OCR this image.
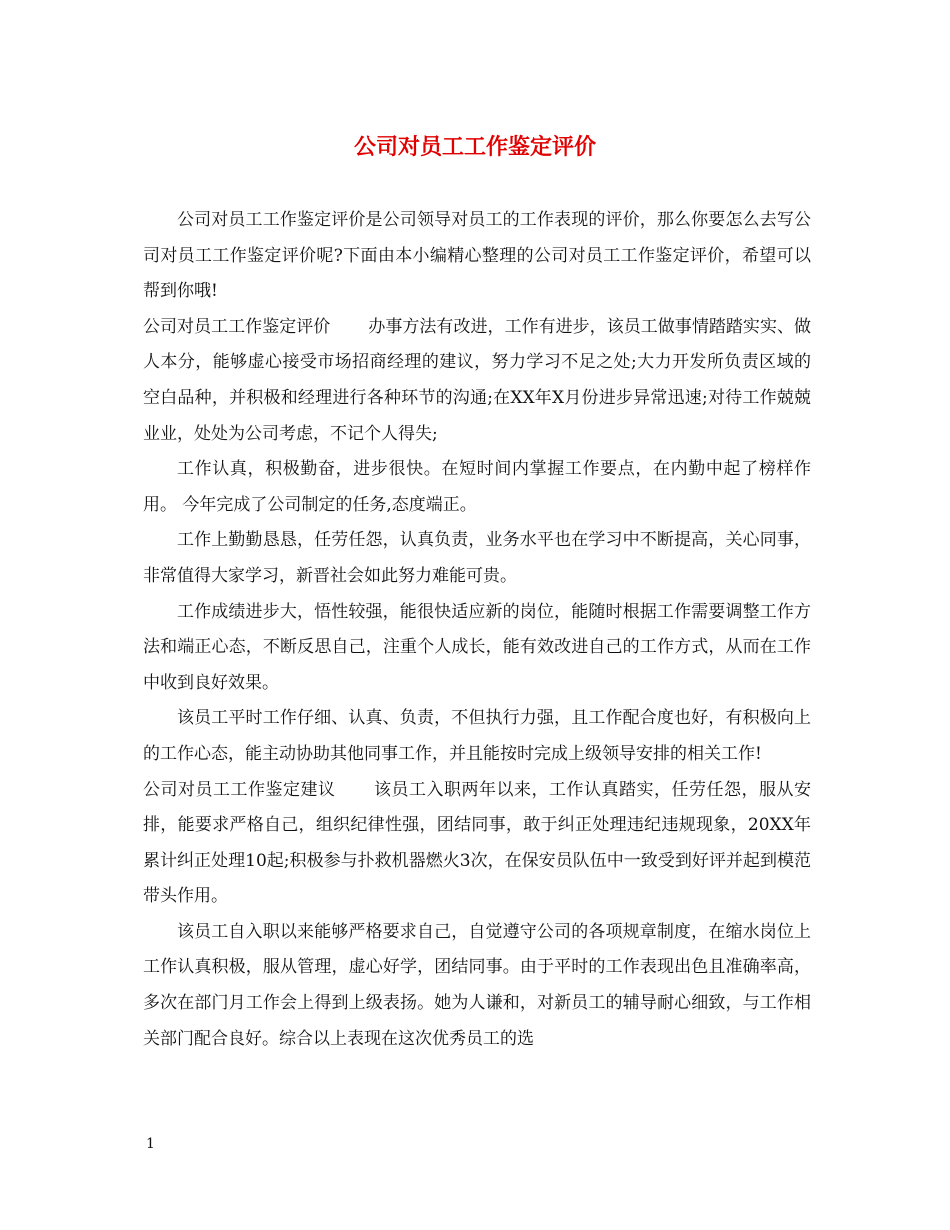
公司对员工工作鉴定评价

公司对员工工作鉴定评价是公司领导对员工的工作表现的评价，那么你要怎么去写公司对员工工作鉴定评价呢?下面由本小编精心整理的公司对员工工作鉴定评价，希望可以帮到你哦!

公司对员工工作鉴定评价 办事方法有改进，工作有进步，该员工做事情踏踏实实、做人本分，能够虚心接受市场招商经理的建议，努力学习不足之处;大力开发所负责区域的空白品种，并积极和经理进行各种环节的沟通;在XX年X月份进步异常迅速;对待工作兢兢业业，处处为公司考虑，不记个人得失;

工作认真，积极勤奋，进步很快。在短时间内掌握工作要点，在内勤中起了榜样作用。 今年完成了公司制定的任务,态度端正。

工作上勤勤恳恳，任劳任怨，认真负责，业务水平也在学习中不断提高，关心同事，非常值得大家学习，新晋社会如此努力难能可贵。

工作成绩进步大，悟性较强，能很快适应新的岗位，能随时根据工作需要调整工作方法和端正心态，不断反思自己，注重个人成长，能有效改进自己的工作方式，从而在工作中收到良好效果。

该员工平时工作仔细、认真、负责，不但执行力强，且工作配合度也好，有积极向上的工作心态，能主动协助其他同事工作，并且能按时完成上级领导安排的相关工作!

公司对员工工作鉴定建议 该员工入职两年以来，工作认真踏实，任劳任怨，服从安排，能要求严格自己，组织纪律性强，团结同事，敢于纠正处理违纪违规现象，20XX年累计纠正处理10起;积极参与扑救机器燃火3次，在保安员队伍中一致受到好评并起到模范带头作用。

该员工自入职以来能够严格要求自己，自觉遵守公司的各项规章制度，在缩水岗位上工作认真积极，服从管理，虚心好学，团结同事。由于平时的工作表现出色且准确率高，多次在部门月工作会上得到上级表扬。她为人谦和，对新员工的辅导耐心细致，与工作相关部门配合良好。综合以上表现在这次优秀员工的选

1
